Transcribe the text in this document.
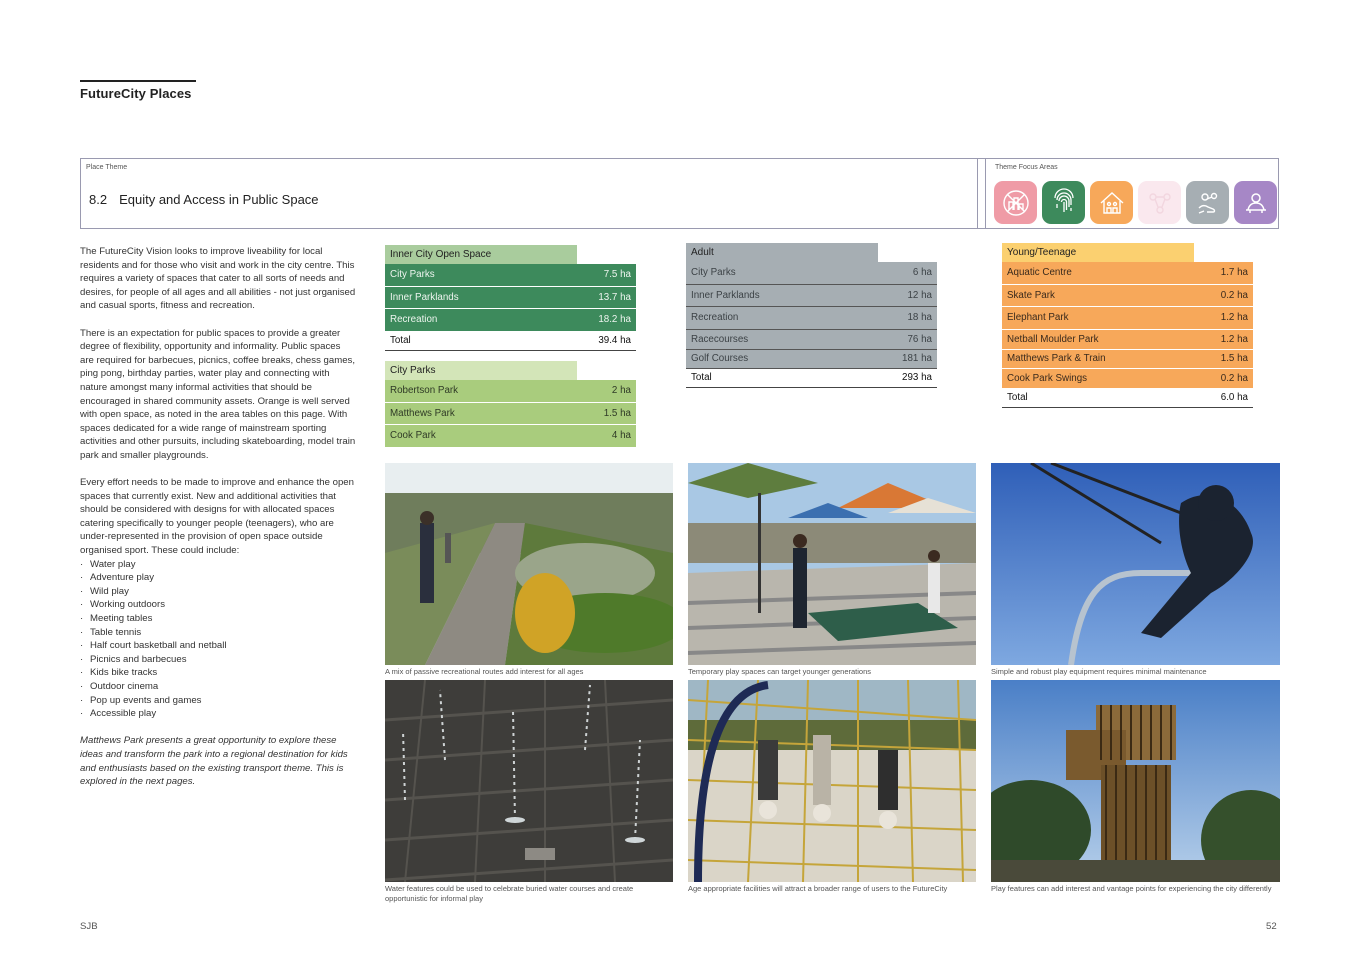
FutureCity Places
Place Theme
8.2 Equity and Access in Public Space
Theme Focus Areas

The FutureCity Vision looks to improve liveability for local residents and for those who visit and work in the city centre. This requires a variety of spaces that cater to all sorts of needs and desires, for people of all ages and all abilities - not just organised and casual sports, fitness and recreation.

There is an expectation for public spaces to provide a greater degree of flexibility, opportunity and informality. Public spaces are required for barbecues, picnics, coffee breaks, chess games, ping pong, birthday parties, water play and connecting with nature amongst many informal activities that should be encouraged in shared community assets. Orange is well served with open space, as noted in the area tables on this page. With spaces dedicated for a wide range of mainstream sporting activities and other pursuits, including skateboarding, model train park and smaller playgrounds.

Every effort needs to be made to improve and enhance the open spaces that currently exist. New and additional activities that should be considered with designs for with allocated spaces catering specifically to younger people (teenagers), who are under-represented in the provision of open space outside organised sport. These could include:

· Water play
· Adventure play
· Wild play
· Working outdoors
· Meeting tables
· Table tennis
· Half court basketball and netball
· Picnics and barbecues
· Kids bike tracks
· Outdoor cinema
· Pop up events and games
· Accessible play

Matthews Park presents a great opportunity to explore these ideas and transform the park into a regional destination for kids and enthusiasts based on the existing transport theme. This is explored in the next pages.

Inner City Open Space
City Parks	7.5 ha
Inner Parklands	13.7 ha
Recreation	18.2 ha
Total	39.4 ha
City Parks
Robertson Park	2 ha
Matthews Park	1.5 ha
Cook Park	4 ha
Adult
City Parks	6 ha
Inner Parklands	12 ha
Recreation	18 ha
Racecourses	76 ha
Golf Courses	181 ha
Total	293 ha
Young/Teenage
Aquatic Centre	1.7 ha
Skate Park	0.2 ha
Elephant Park	1.2 ha
Netball Moulder Park	1.2 ha
Matthews Park & Train	1.5 ha
Cook Park Swings	0.2 ha
Total	6.0 ha
A mix of passive recreational routes add interest for all ages	Temporary play spaces can target younger generations	Simple and robust play equipment requires minimal maintenance
Water features could be used to celebrate buried water courses and create opportunistic for informal play
Age appropriate facilities will attract a broader range of users to the FutureCity	Play features can add interest and vantage points for experiencing the city differently
SJB	52
